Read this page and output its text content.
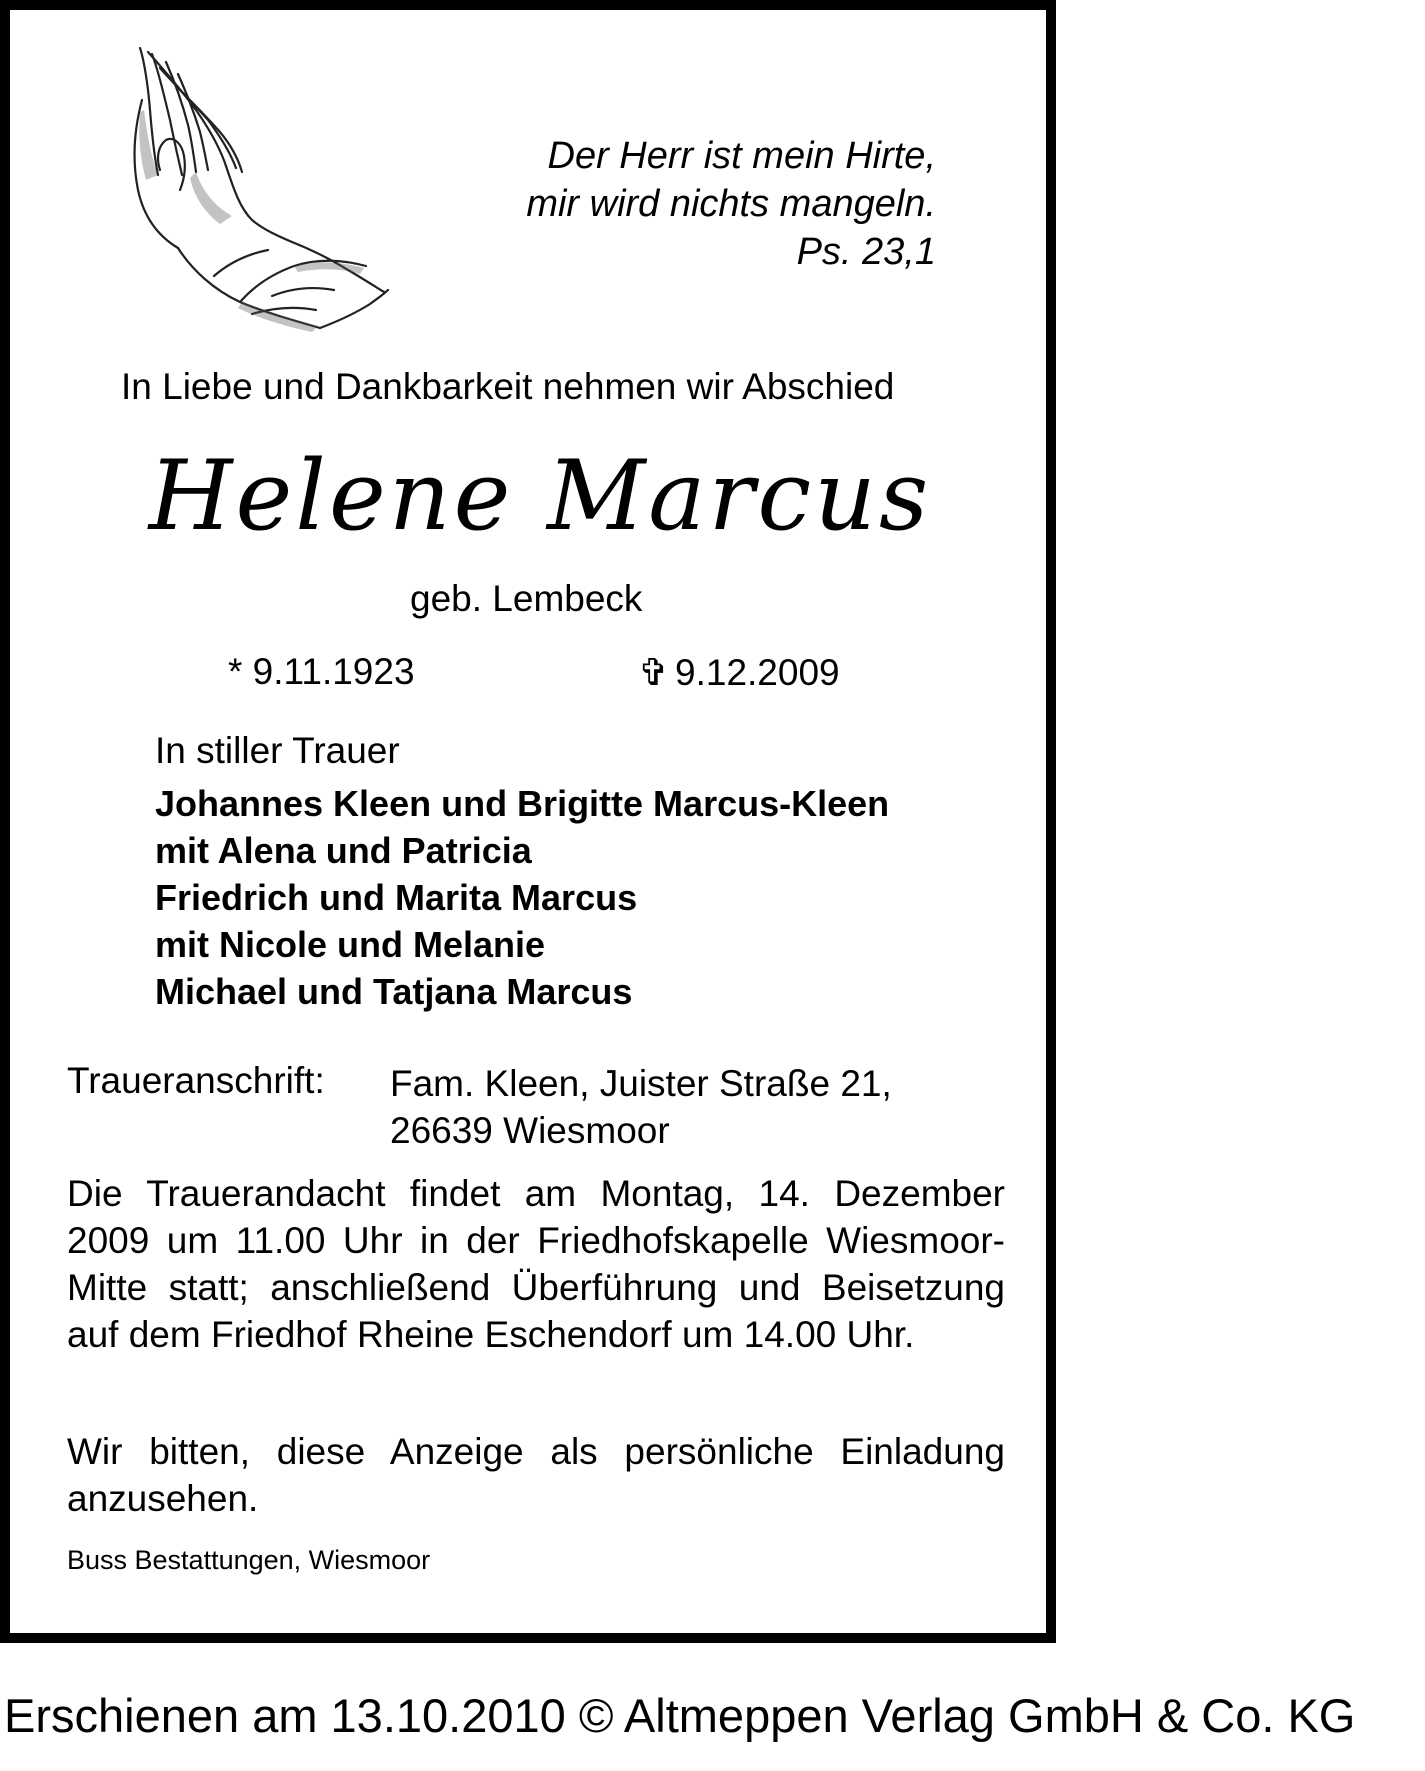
Der Herr ist mein Hirte,
mir wird nichts mangeln.
Ps. 23,1
In Liebe und Dankbarkeit nehmen wir Abschied
Helene Marcus
geb. Lembeck
* 9.11.1923	✞ 9.12.2009
In stiller Trauer
Johannes Kleen und Brigitte Marcus-Kleen
mit Alena und Patricia
Friedrich und Marita Marcus
mit Nicole und Melanie
Michael und Tatjana Marcus
Traueranschrift: Fam. Kleen, Juister Straße 21,
26639 Wiesmoor
Die Trauerandacht findet am Montag, 14. Dezember 2009 um 11.00 Uhr in der Friedhofskapelle Wiesmoor-Mitte statt; anschließend Überführung und Beisetzung auf dem Friedhof Rheine Eschendorf um 14.00 Uhr.
Wir bitten, diese Anzeige als persönliche Einladung anzusehen.
Buss Bestattungen, Wiesmoor
Erschienen am 13.10.2010 © Altmeppen Verlag GmbH & Co. KG
